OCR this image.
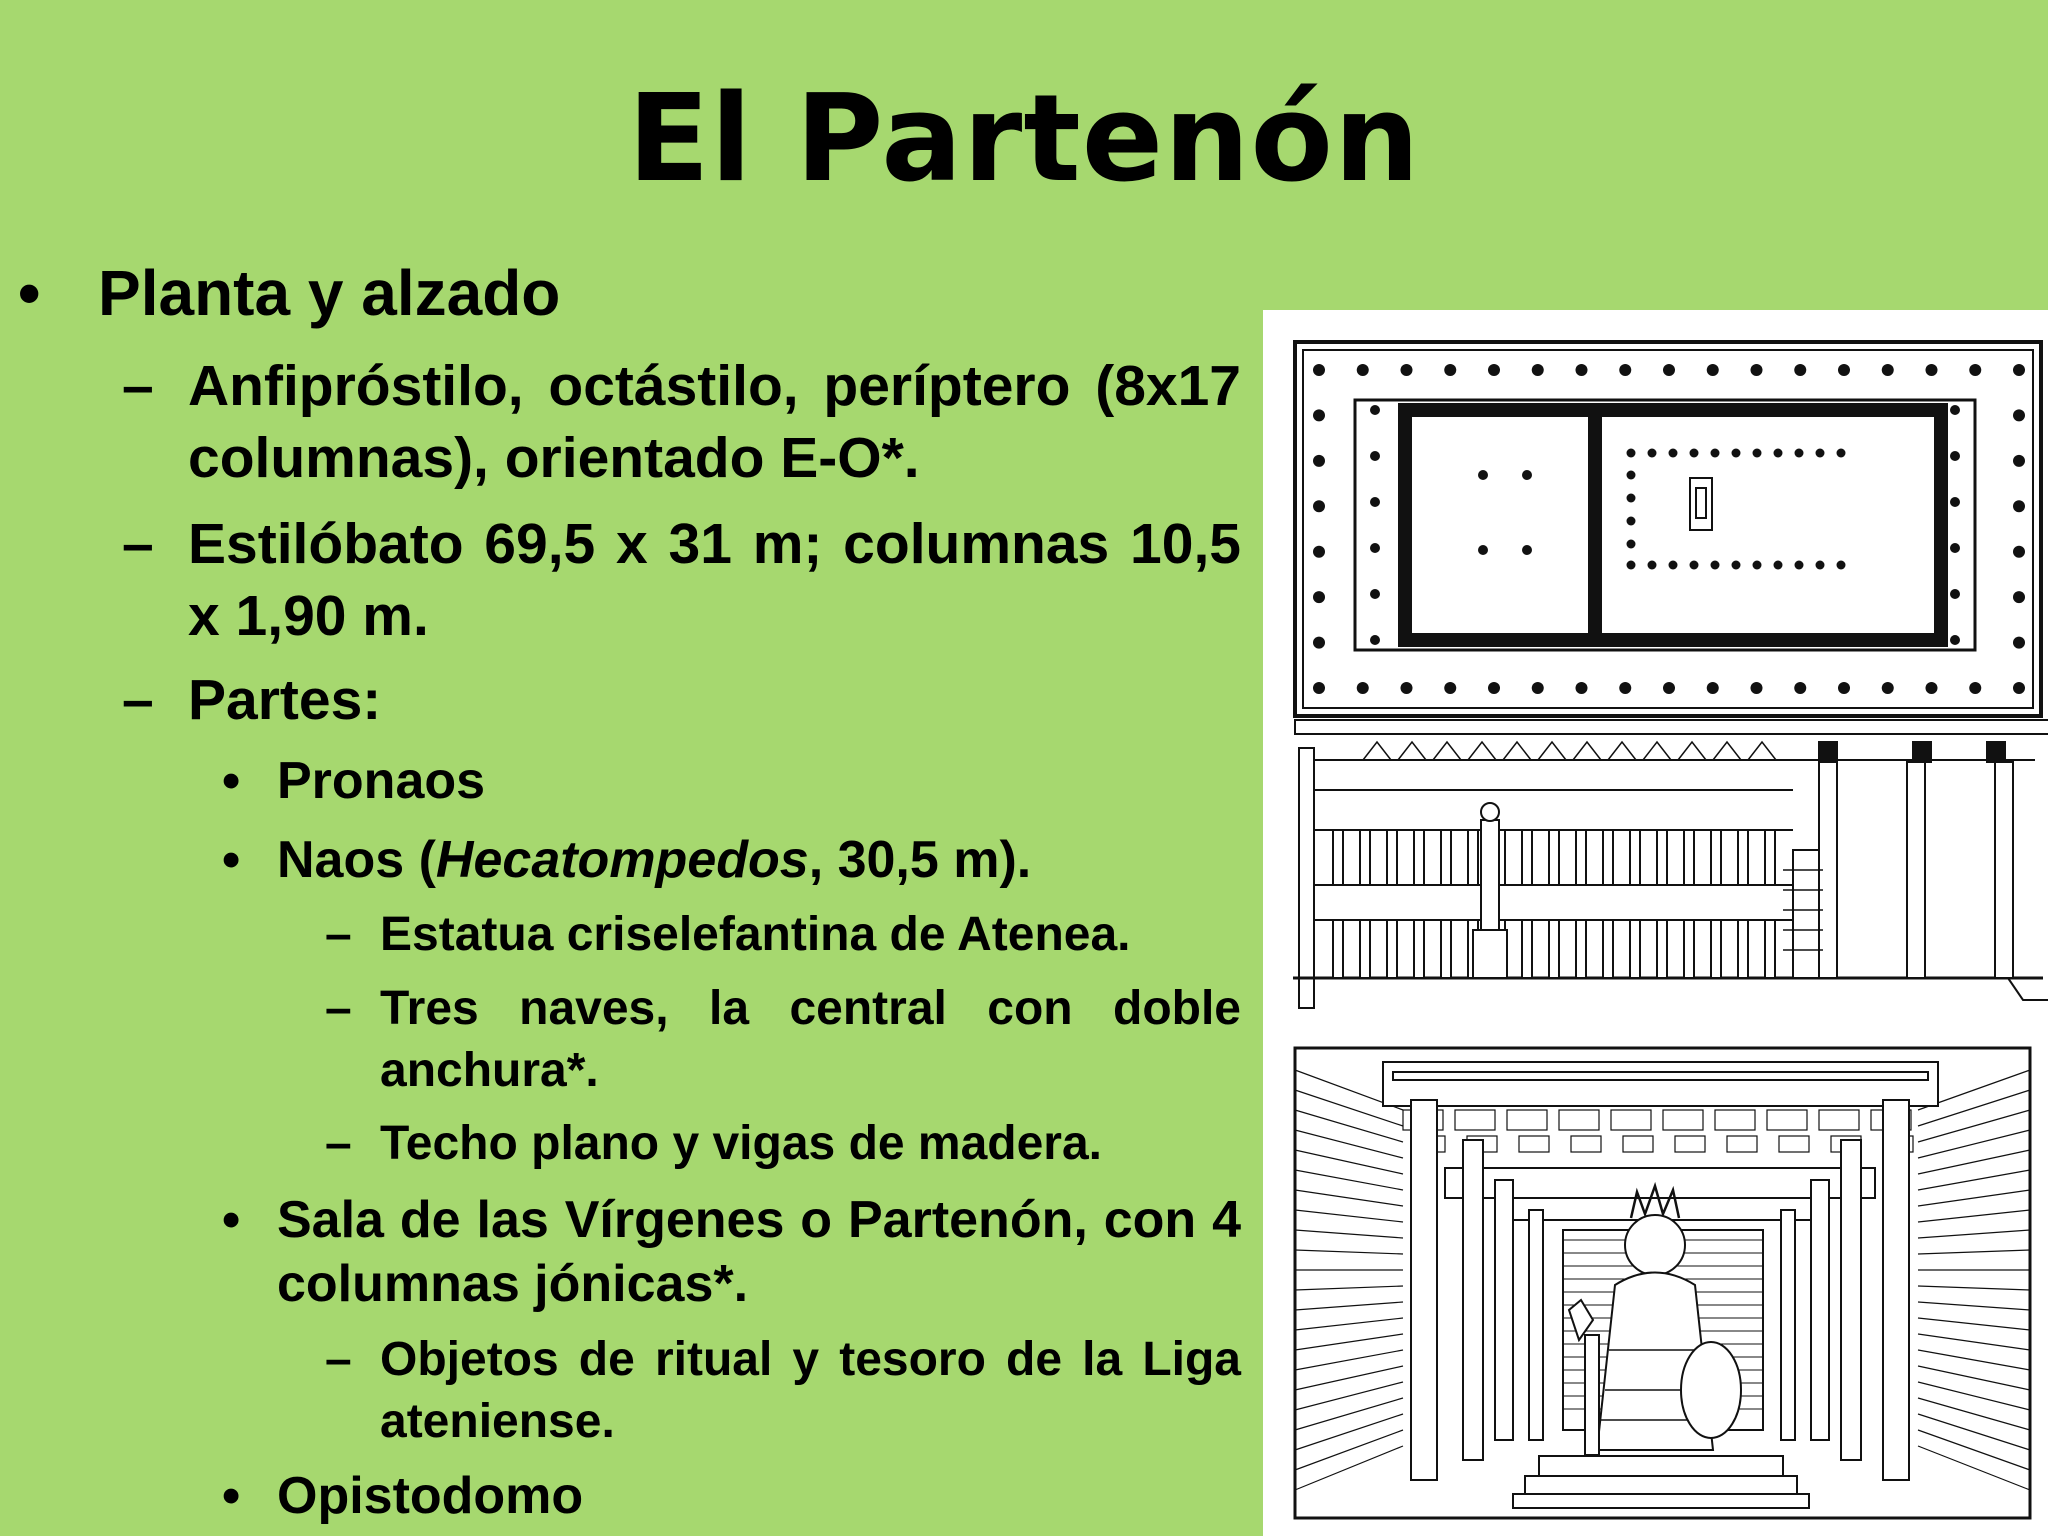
El Partenón
• Planta y alzado
– Anfipróstilo, octástilo, períptero (8x17 columnas), orientado E-O*.
– Estilóbato 69,5 x 31 m; columnas 10,5 x 1,90 m.
– Partes:
• Pronaos
• Naos (Hecatompedos, 30,5 m).
– Estatua criselefantina de Atenea.
– Tres naves, la central con doble anchura*.
– Techo plano y vigas de madera.
• Sala de las Vírgenes o Partenón, con 4 columnas jónicas*.
– Objetos de ritual y tesoro de la Liga ateniense.
• Opistodomo
